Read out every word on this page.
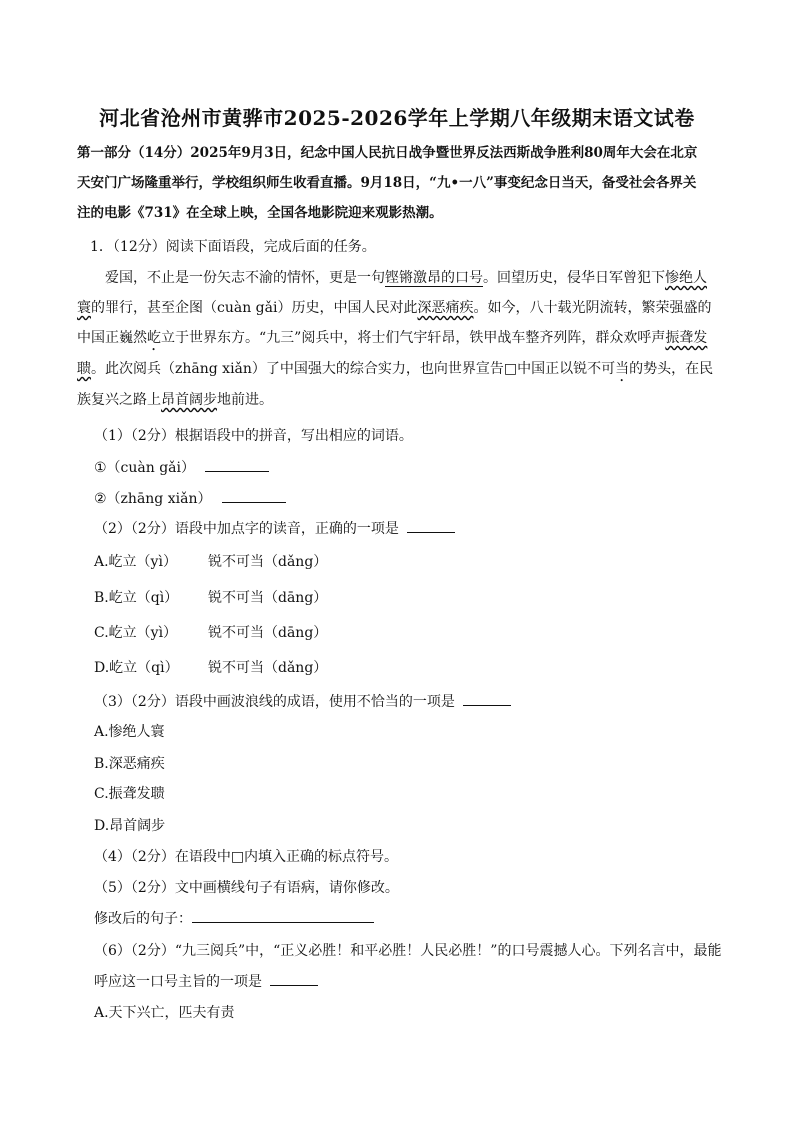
河北省沧州市黄骅市2025-2026学年上学期八年级期末语文试卷
第一部分（14分）2025年9月3日，纪念中国人民抗日战争暨世界反法西斯战争胜利80周年大会在北京
天安门广场隆重举行，学校组织师生收看直播。9月18日，“九•一八”事变纪念日当天，备受社会各界关
注的电影《731》在全球上映，全国各地影院迎来观影热潮。
1．（12分）阅读下面语段，完成后面的任务。
爱国，不止是一份矢志不渝的情怀，更是一句铿锵激昂的口号。回望历史，侵华日军曾犯下惨绝人寰的罪行，甚至企图（cuàn gǎi）历史，中国人民对此深恶痛疾。如今，八十载光阴流转，繁荣强盛的中国正巍然屹立于世界东方。“九三”阅兵中，将士们气宇轩昂，铁甲战车整齐列阵，群众欢呼声振聋发聩。此次阅兵（zhāng xiǎn）了中国强大的综合实力，也向世界宣告□中国正以锐不可当的势头，在民族复兴之路上昂首阔步地前进。
（1）（2分）根据语段中的拼音，写出相应的词语。
①（cuàn gǎi）
②（zhāng xiǎn）
（2）（2分）语段中加点字的读音，正确的一项是
A.屹立（yì） 锐不可当（dǎng）
B.屹立（qì） 锐不可当（dāng）
C.屹立（yì） 锐不可当（dāng）
D.屹立（qì） 锐不可当（dǎng）
（3）（2分）语段中画波浪线的成语，使用不恰当的一项是
A.惨绝人寰
B.深恶痛疾
C.振聋发聩
D.昂首阔步
（4）（2分）在语段中□内填入正确的标点符号。
（5）（2分）文中画横线句子有语病，请你修改。
修改后的句子：
（6）（2分）“九三阅兵”中，“正义必胜！和平必胜！人民必胜！”的口号震撼人心。下列名言中，最能
呼应这一口号主旨的一项是
A.天下兴亡，匹夫有责
